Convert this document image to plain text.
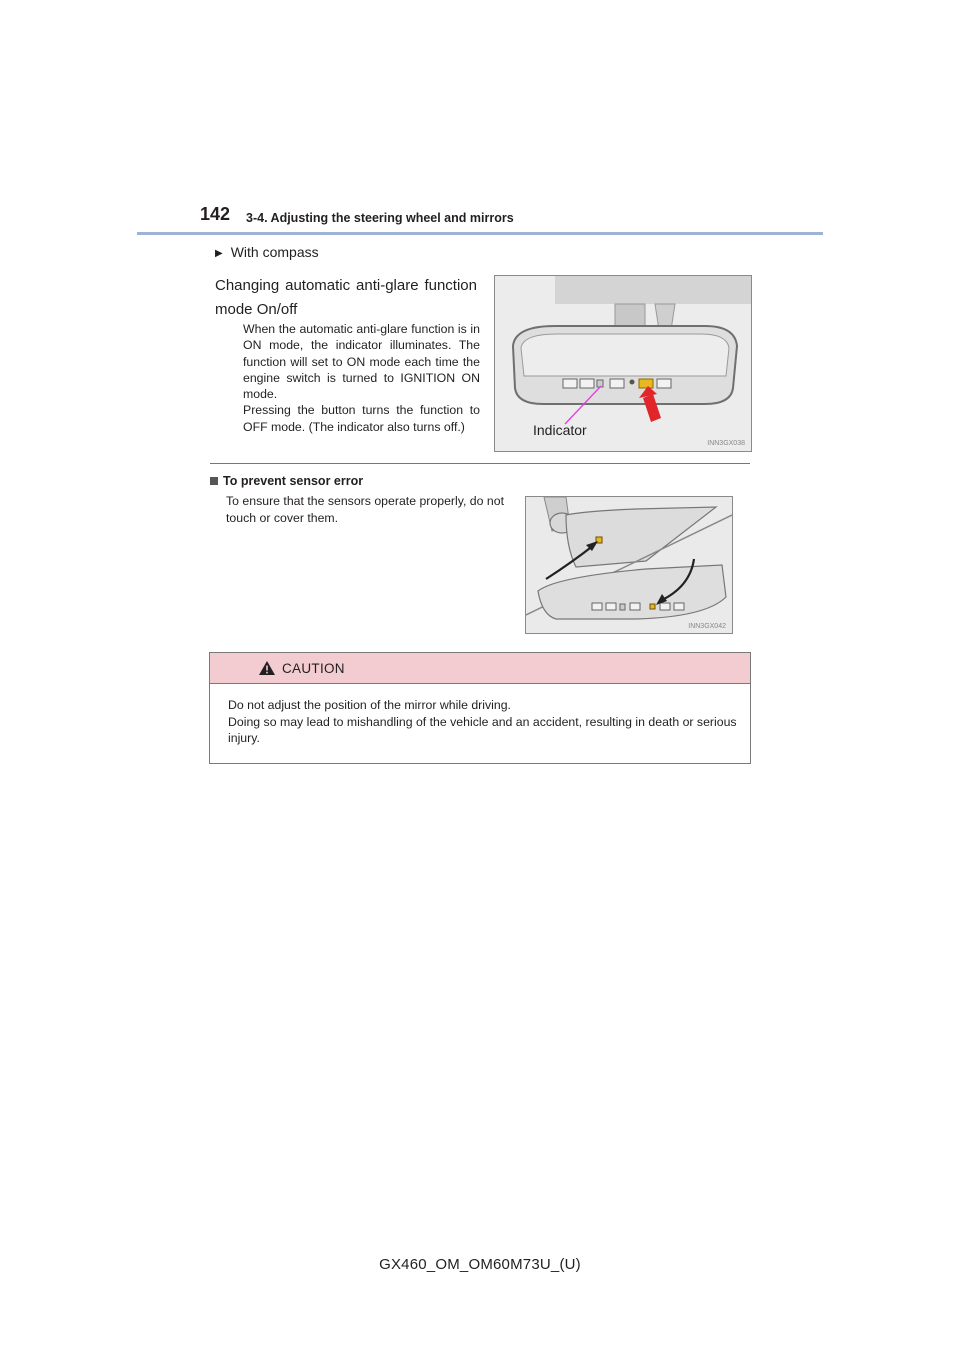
142 3-4. Adjusting the steering wheel and mirrors
▶ With compass
Changing automatic anti-glare function mode On/off

When the automatic anti-glare function is in ON mode, the indicator illuminates. The function will set to ON mode each time the engine switch is turned to IGNITION ON mode.

Pressing the button turns the function to OFF mode. (The indicator also turns off.)	Indicator
INN3GX038
To prevent sensor error
To ensure that the sensors operate properly, do not touch or cover them.
INN3GX042
CAUTION

Do not adjust the position of the mirror while driving.

Doing so may lead to mishandling of the vehicle and an accident, resulting in death or serious injury.

GX460_OM_OM60M73U_(U)
